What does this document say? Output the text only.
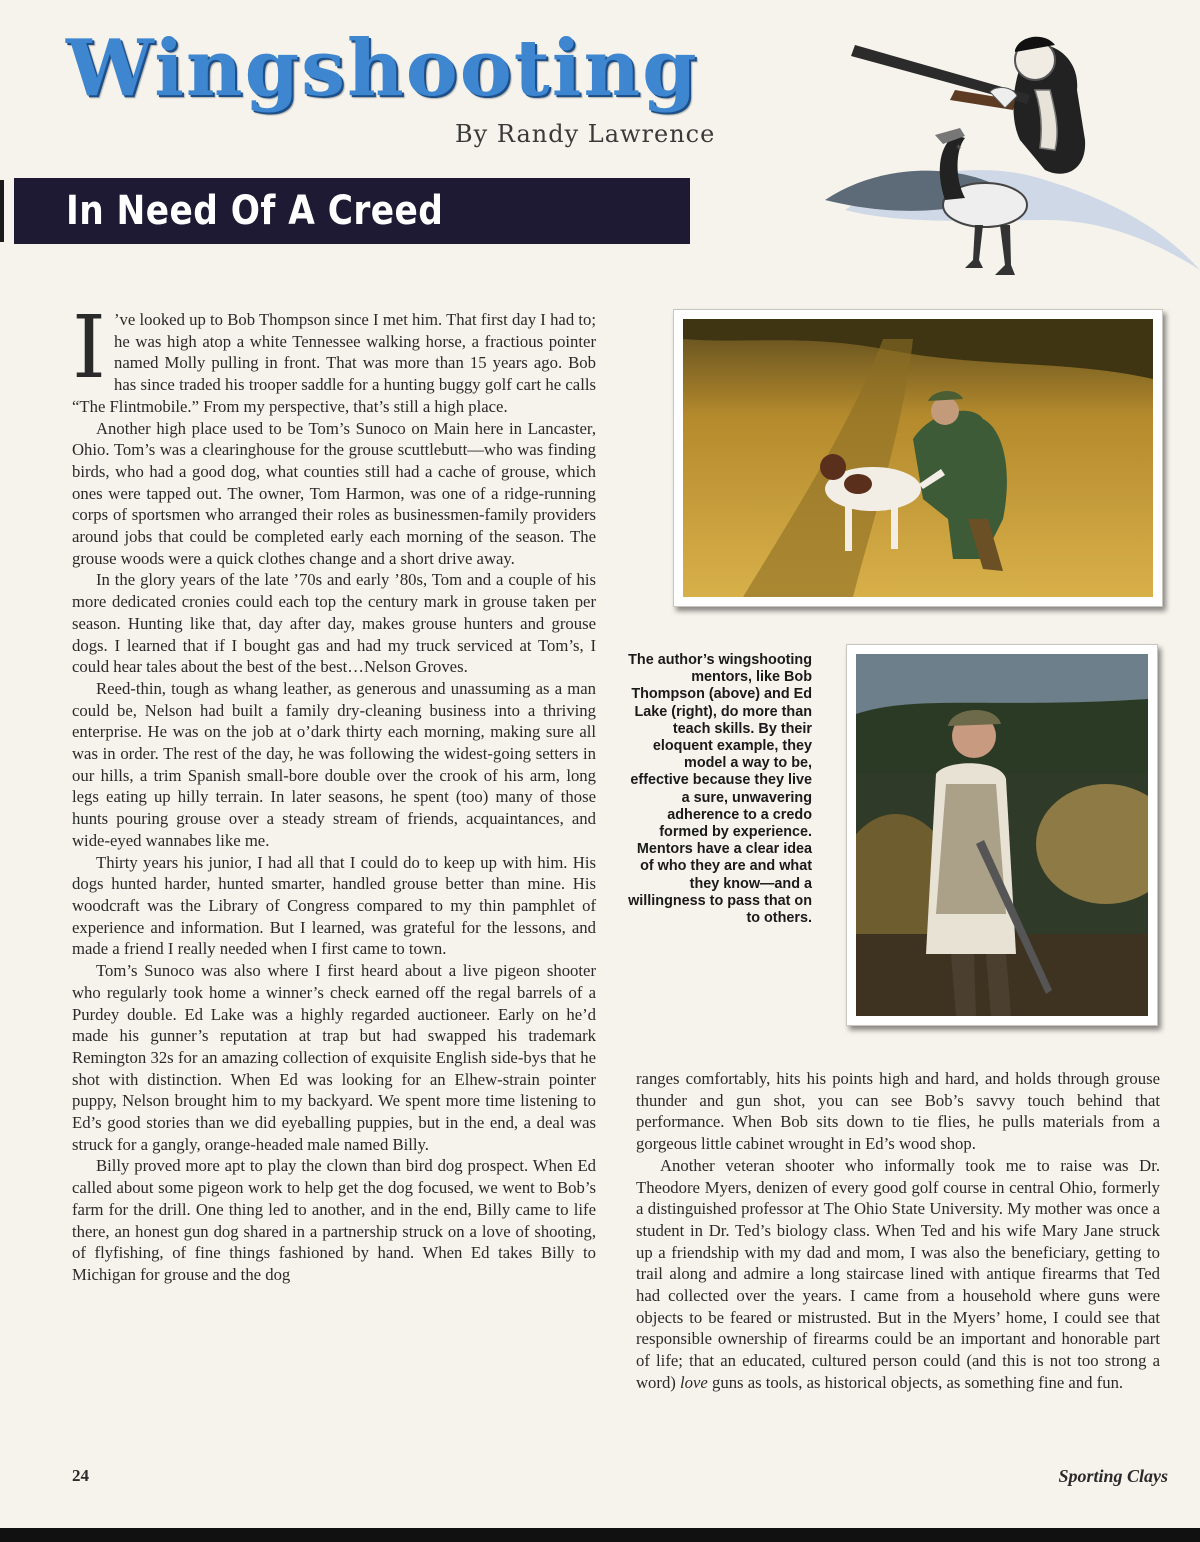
Wingshooting
By Randy Lawrence
In Need Of A Creed
✶

I ’ve looked up to Bob Thompson since I met him. That first day I had to; he was high atop a white Tennessee walking horse, a fractious pointer named Molly pulling in front. That was more than 15 years ago. Bob has since traded his trooper saddle for a hunting buggy golf cart he calls “The Flintmobile.” From my perspective, that’s still a high place.

Another high place used to be Tom’s Sunoco on Main here in Lancaster, Ohio. Tom’s was a clearinghouse for the grouse scuttlebutt—who was finding birds, who had a good dog, what counties still had a cache of grouse, which ones were tapped out. The owner, Tom Harmon, was one of a ridge-running corps of sportsmen who arranged their roles as businessmen-family providers around jobs that could be completed early each morning of the season. The grouse woods were a quick clothes change and a short drive away.

In the glory years of the late ’70s and early ’80s, Tom and a couple of his more dedicated cronies could each top the century mark in grouse taken per season. Hunting like that, day after day, makes grouse hunters and grouse dogs. I learned that if I bought gas and had my truck serviced at Tom’s, I could hear tales about the best of the best…Nelson Groves.

Reed-thin, tough as whang leather, as generous and unassuming as a man could be, Nelson had built a family dry-cleaning business into a thriving enterprise. He was on the job at o’dark thirty each morning, making sure all was in order. The rest of the day, he was following the widest-going setters in our hills, a trim Spanish small-bore double over the crook of his arm, long legs eating up hilly terrain. In later seasons, he spent (too) many of those hunts pouring grouse over a steady stream of friends, acquaintances, and wide-eyed wannabes like me.

Thirty years his junior, I had all that I could do to keep up with him. His dogs hunted harder, hunted smarter, handled grouse better than mine. His woodcraft was the Library of Congress compared to my thin pamphlet of experience and information. But I learned, was grateful for the lessons, and made a friend I really needed when I first came to town.

Tom’s Sunoco was also where I first heard about a live pigeon shooter who regularly took home a winner’s check earned off the regal barrels of a Purdey double. Ed Lake was a highly regarded auctioneer. Early on he’d made his gunner’s reputation at trap but had swapped his trademark Remington 32s for an amazing collection of exquisite English side-bys that he shot with distinction. When Ed was looking for an Elhew-strain pointer puppy, Nelson brought him to my backyard. We spent more time listening to Ed’s good stories than we did eyeballing puppies, but in the end, a deal was struck for a gangly, orange-headed male named Billy.

Billy proved more apt to play the clown than bird dog prospect. When Ed called about some pigeon work to help get the dog focused, we went to Bob’s farm for the drill. One thing led to another, and in the end, Billy came to life there, an honest gun dog shared in a partnership struck on a love of shooting, of flyfishing, of fine things fashioned by hand. When Ed takes Billy to Michigan for grouse and the dog

The author’s wingshooting mentors, like Bob Thompson (above) and Ed Lake (right), do more than teach skills. By their eloquent example, they model a way to be, effective because they live a sure, unwavering adherence to a credo formed by experience. Mentors have a clear idea of who they are and what they know—and a willingness to pass that on to others.

ranges comfortably, hits his points high and hard, and holds through grouse thunder and gun shot, you can see Bob’s savvy touch behind that performance. When Bob sits down to tie flies, he pulls materials from a gorgeous little cabinet wrought in Ed’s wood shop.

Another veteran shooter who informally took me to raise was Dr. Theodore Myers, denizen of every good golf course in central Ohio, formerly a distinguished professor at The Ohio State University. My mother was once a student in Dr. Ted’s biology class. When Ted and his wife Mary Jane struck up a friendship with my dad and mom, I was also the beneficiary, getting to trail along and admire a long staircase lined with antique firearms that Ted had collected over the years. I came from a household where guns were objects to be feared or mistrusted. But in the Myers’ home, I could see that responsible ownership of firearms could be an important and honorable part of life; that an educated, cultured person could (and this is not too strong a word) love guns as tools, as historical objects, as something fine and fun.

24	Sporting Clays
